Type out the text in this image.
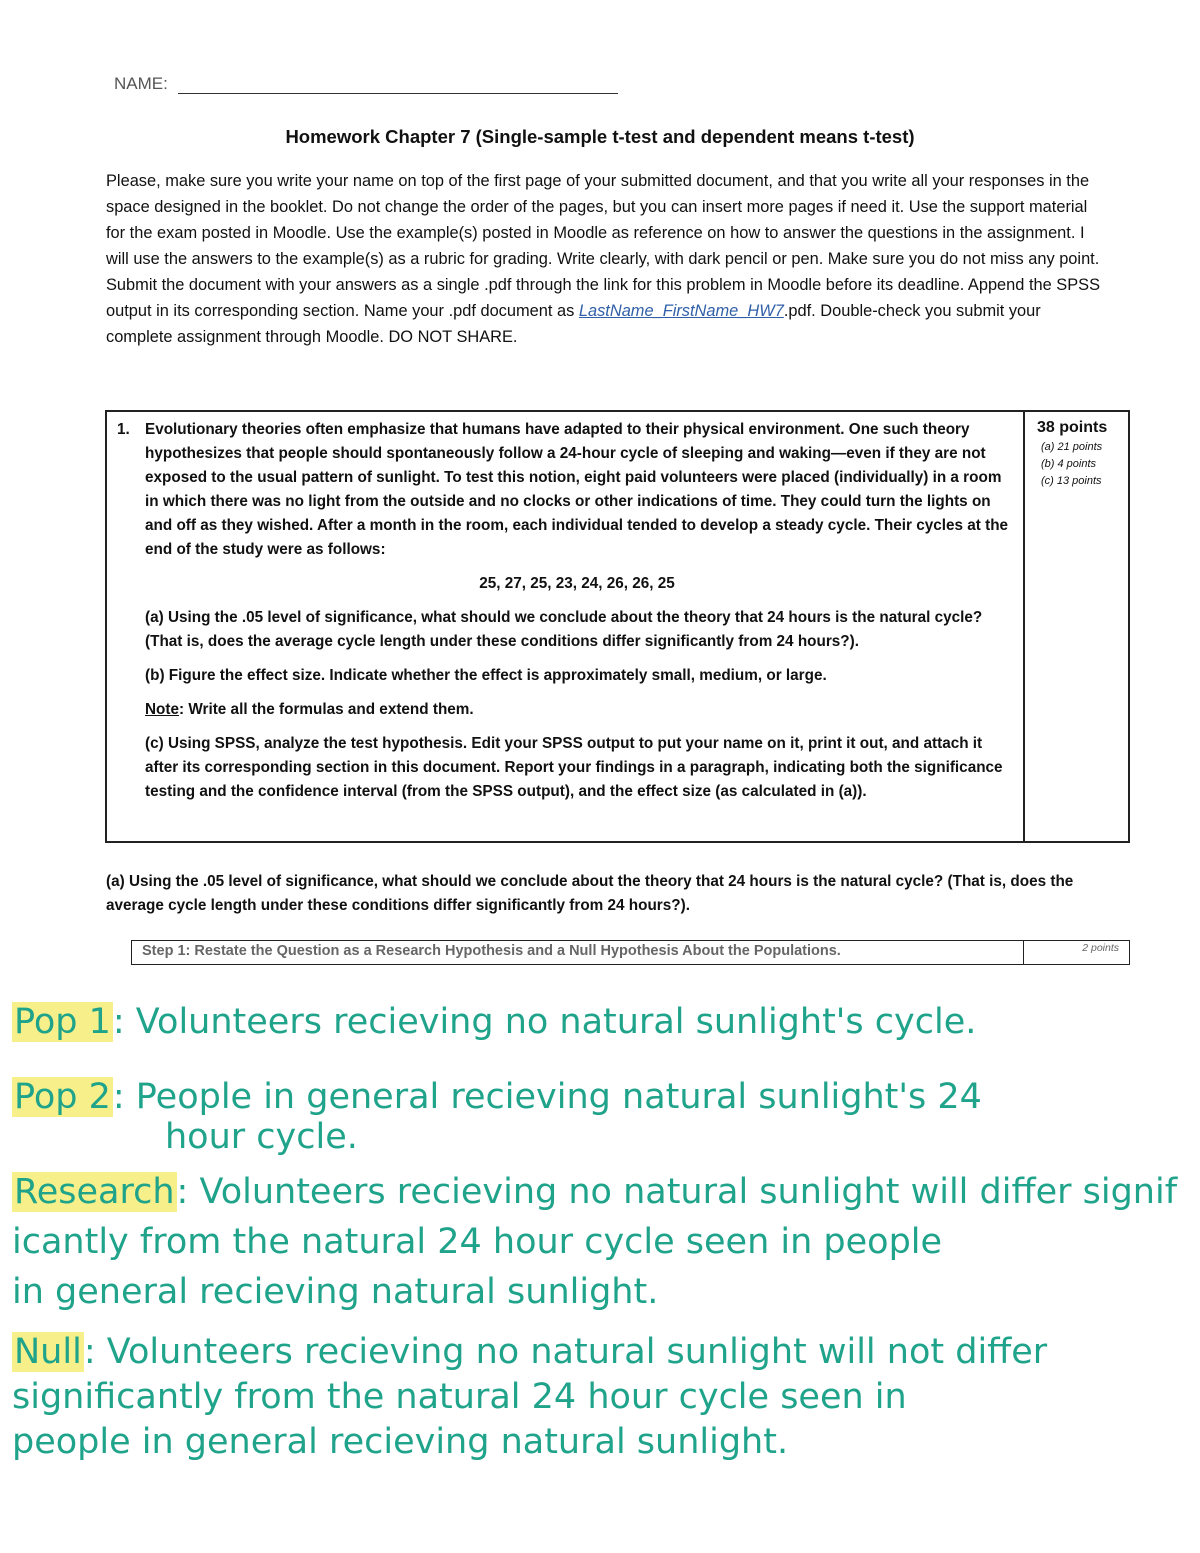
NAME:
Homework Chapter 7 (Single-sample t-test and dependent means t-test)
Please, make sure you write your name on top of the first page of your submitted document, and that you write all your responses in the space designed in the booklet. Do not change the order of the pages, but you can insert more pages if need it. Use the support material for the exam posted in Moodle. Use the example(s) posted in Moodle as reference on how to answer the questions in the assignment. I will use the answers to the example(s) as a rubric for grading. Write clearly, with dark pencil or pen. Make sure you do not miss any point. Submit the document with your answers as a single .pdf through the link for this problem in Moodle before its deadline. Append the SPSS output in its corresponding section. Name your .pdf document as LastName_FirstName_HW7.pdf. Double-check you submit your complete assignment through Moodle. DO NOT SHARE.
1. Evolutionary theories often emphasize that humans have adapted to their physical environment. One such theory hypothesizes that people should spontaneously follow a 24-hour cycle of sleeping and waking—even if they are not exposed to the usual pattern of sunlight. To test this notion, eight paid volunteers were placed (individually) in a room in which there was no light from the outside and no clocks or other indications of time. They could turn the lights on and off as they wished. After a month in the room, each individual tended to develop a steady cycle. Their cycles at the end of the study were as follows:

25, 27, 25, 23, 24, 26, 26, 25

(a) Using the .05 level of significance, what should we conclude about the theory that 24 hours is the natural cycle? (That is, does the average cycle length under these conditions differ significantly from 24 hours?).

(b) Figure the effect size. Indicate whether the effect is approximately small, medium, or large.

Note: Write all the formulas and extend them.

(c) Using SPSS, analyze the test hypothesis. Edit your SPSS output to put your name on it, print it out, and attach it after its corresponding section in this document. Report your findings in a paragraph, indicating both the significance testing and the confidence interval (from the SPSS output), and the effect size (as calculated in (a)).

38 points
(a) 21 points
(b) 4 points
(c) 13 points
(a) Using the .05 level of significance, what should we conclude about the theory that 24 hours is the natural cycle? (That is, does the average cycle length under these conditions differ significantly from 24 hours?).
Step 1: Restate the Question as a Research Hypothesis and a Null Hypothesis About the Populations.	2 points
Pop 1: Volunteers recieving no natural sunlight's cycle.
Pop 2: People in general recieving natural sunlight's 24
hour cycle.
Research: Volunteers recieving no natural sunlight will differ signif
icantly from the natural 24 hour cycle seen in people
in general recieving natural sunlight.
Null: Volunteers recieving no natural sunlight will not differ
significantly from the natural 24 hour cycle seen in
people in general recieving natural sunlight.
